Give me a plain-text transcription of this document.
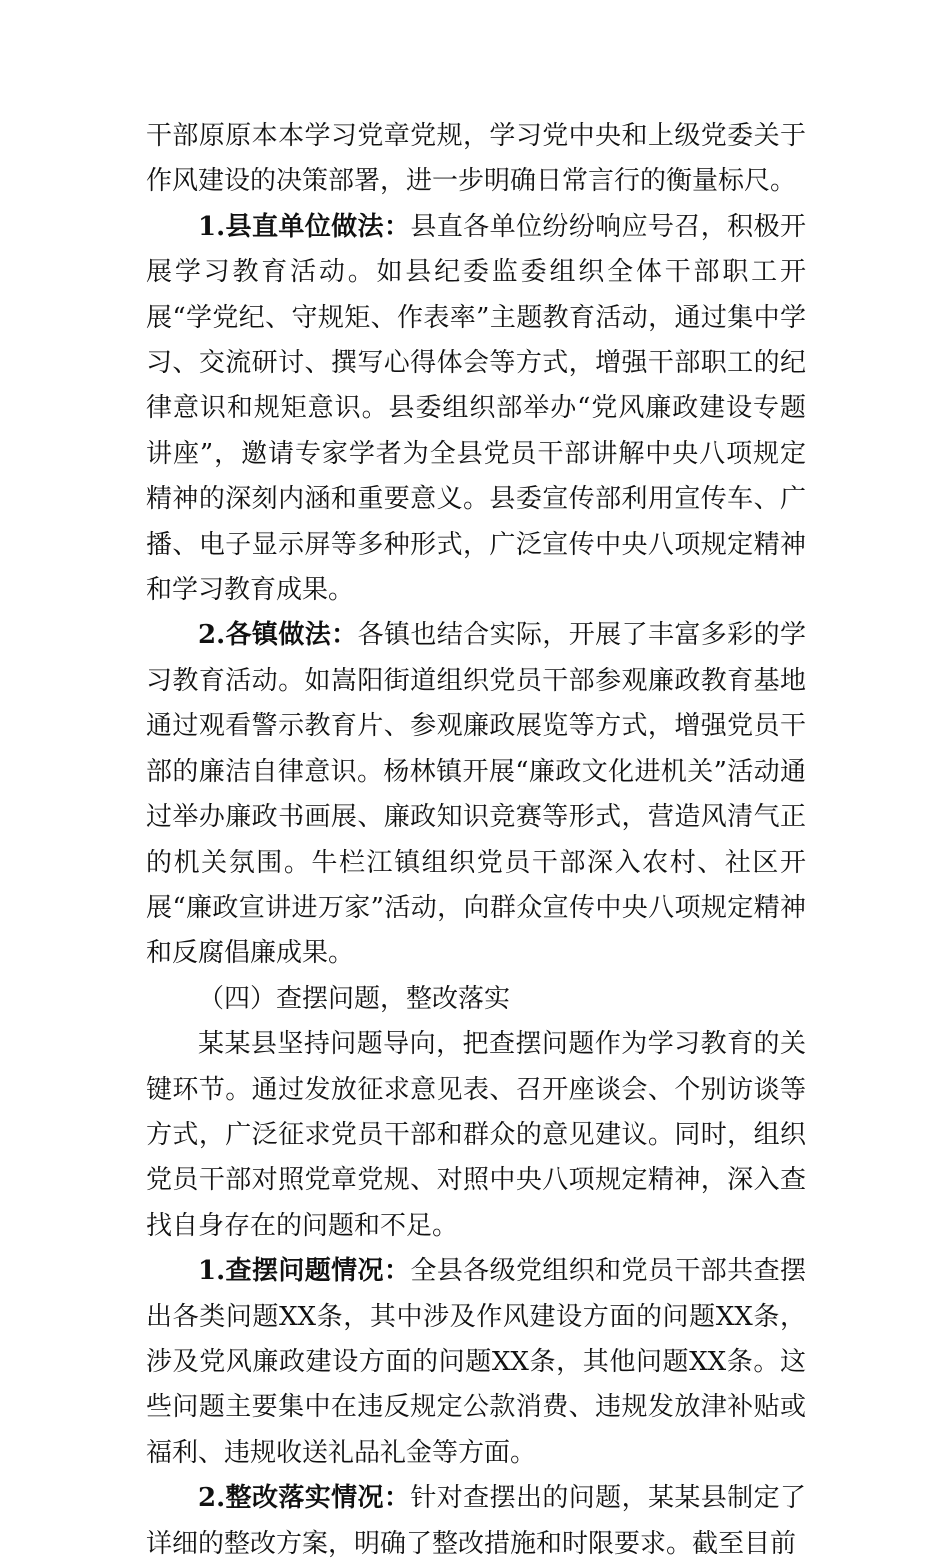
干部原原本本学习党章党规，学习党中央和上级党委关于作风建设的决策部署，进一步明确日常言行的衡量标尺。

1.县直单位做法：县直各单位纷纷响应号召，积极开展学习教育活动。如县纪委监委组织全体干部职工开展“学党纪、守规矩、作表率”主题教育活动，通过集中学习、交流研讨、撰写心得体会等方式，增强干部职工的纪律意识和规矩意识。县委组织部举办“党风廉政建设专题讲座”，邀请专家学者为全县党员干部讲解中央八项规定精神的深刻内涵和重要意义。县委宣传部利用宣传车、广播、电子显示屏等多种形式，广泛宣传中央八项规定精神和学习教育成果。

2.各镇做法：各镇也结合实际，开展了丰富多彩的学习教育活动。如嵩阳街道组织党员干部参观廉政教育基地通过观看警示教育片、参观廉政展览等方式，增强党员干部的廉洁自律意识。杨林镇开展“廉政文化进机关”活动通过举办廉政书画展、廉政知识竞赛等形式，营造风清气正的机关氛围。牛栏江镇组织党员干部深入农村、社区开展“廉政宣讲进万家”活动，向群众宣传中央八项规定精神和反腐倡廉成果。

（四）查摆问题，整改落实

某某县坚持问题导向，把查摆问题作为学习教育的关键环节。通过发放征求意见表、召开座谈会、个别访谈等方式，广泛征求党员干部和群众的意见建议。同时，组织党员干部对照党章党规、对照中央八项规定精神，深入查找自身存在的问题和不足。

1.查摆问题情况：全县各级党组织和党员干部共查摆出各类问题XX条，其中涉及作风建设方面的问题XX条，涉及党风廉政建设方面的问题XX条，其他问题XX条。这些问题主要集中在违反规定公款消费、违规发放津补贴或福利、违规收送礼品礼金等方面。

2.整改落实情况：针对查摆出的问题，某某县制定了详细的整改方案，明确了整改措施和时限要求。截至目前
